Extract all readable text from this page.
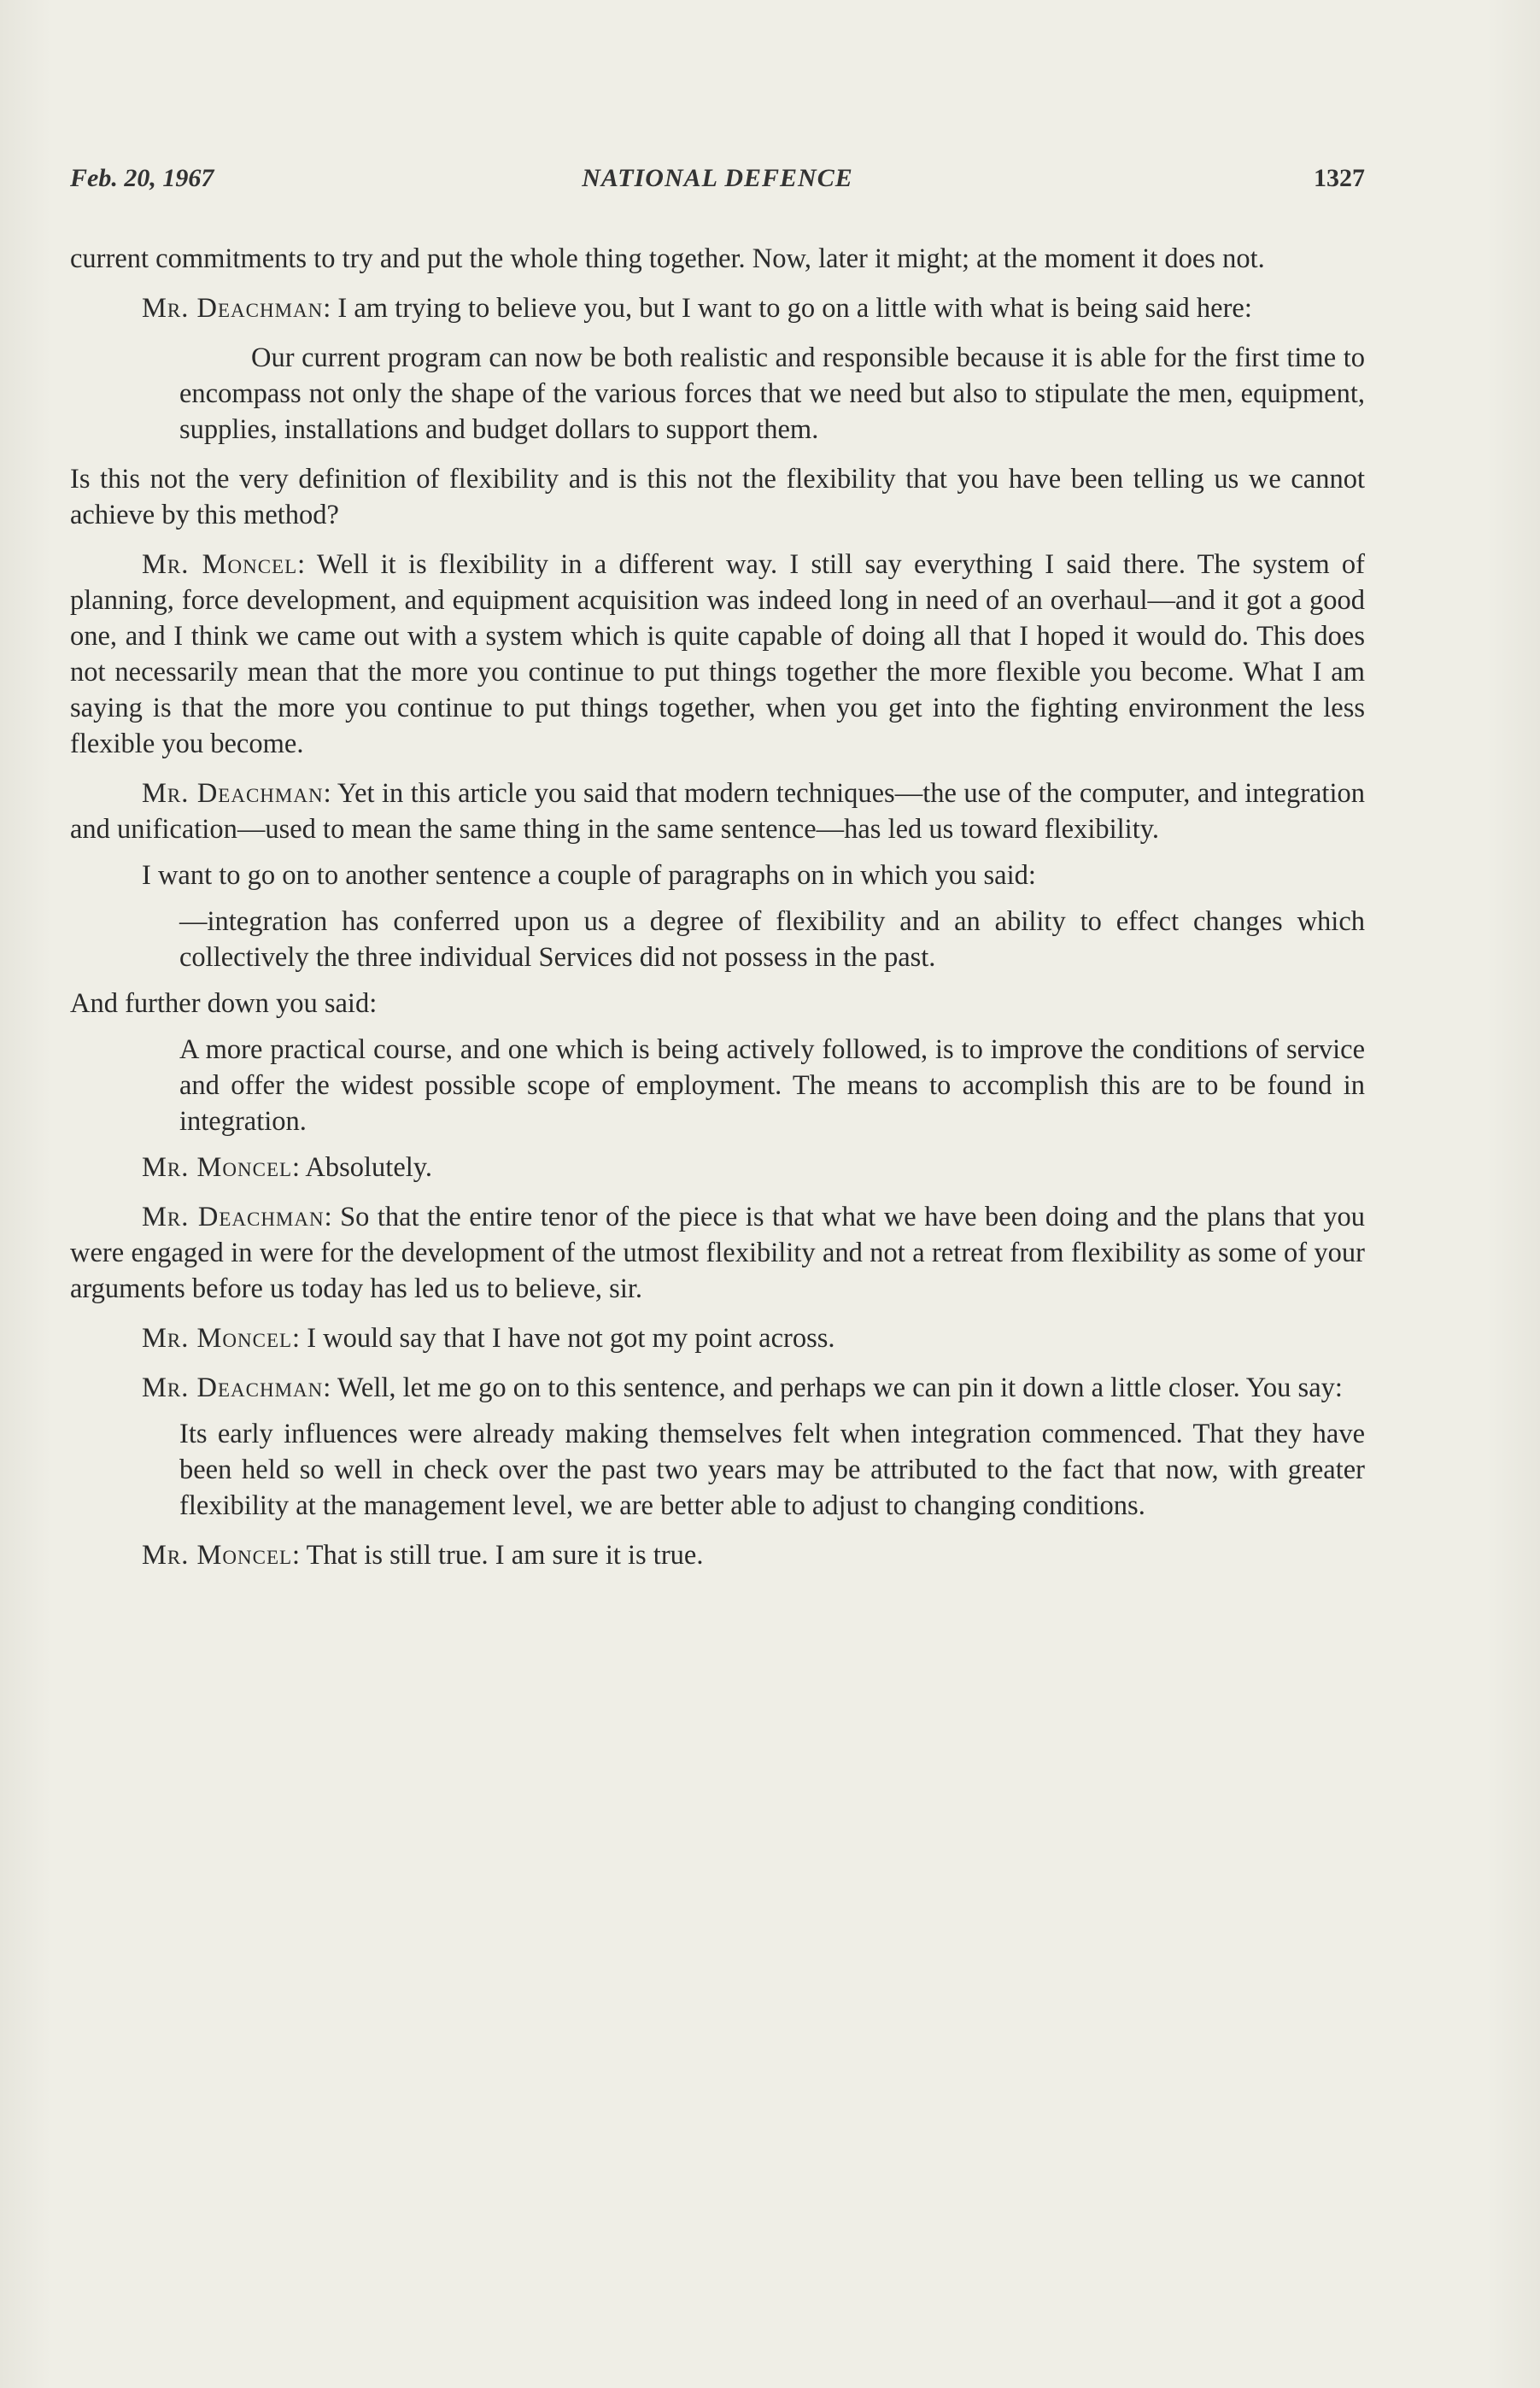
Feb. 20, 1967	NATIONAL DEFENCE	1327

current commitments to try and put the whole thing together. Now, later it might; at the moment it does not.

Mr. Deachman: I am trying to believe you, but I want to go on a little with what is being said here:

Our current program can now be both realistic and responsible because it is able for the first time to encompass not only the shape of the various forces that we need but also to stipulate the men, equipment, supplies, installations and budget dollars to support them.

Is this not the very definition of flexibility and is this not the flexibility that you have been telling us we cannot achieve by this method?

Mr. Moncel: Well it is flexibility in a different way. I still say everything I said there. The system of planning, force development, and equipment acquisition was indeed long in need of an overhaul—and it got a good one, and I think we came out with a system which is quite capable of doing all that I hoped it would do. This does not necessarily mean that the more you continue to put things together the more flexible you become. What I am saying is that the more you continue to put things together, when you get into the fighting environment the less flexible you become.

Mr. Deachman: Yet in this article you said that modern techniques—the use of the computer, and integration and unification—used to mean the same thing in the same sentence—has led us toward flexibility.

I want to go on to another sentence a couple of paragraphs on in which you said:

—integration has conferred upon us a degree of flexibility and an ability to effect changes which collectively the three individual Services did not possess in the past.

And further down you said:

A more practical course, and one which is being actively followed, is to improve the conditions of service and offer the widest possible scope of employment. The means to accomplish this are to be found in integration.

Mr. Moncel: Absolutely.

Mr. Deachman: So that the entire tenor of the piece is that what we have been doing and the plans that you were engaged in were for the development of the utmost flexibility and not a retreat from flexibility as some of your arguments before us today has led us to believe, sir.

Mr. Moncel: I would say that I have not got my point across.

Mr. Deachman: Well, let me go on to this sentence, and perhaps we can pin it down a little closer. You say:

Its early influences were already making themselves felt when integration commenced. That they have been held so well in check over the past two years may be attributed to the fact that now, with greater flexibility at the management level, we are better able to adjust to changing conditions.

Mr. Moncel: That is still true. I am sure it is true.
